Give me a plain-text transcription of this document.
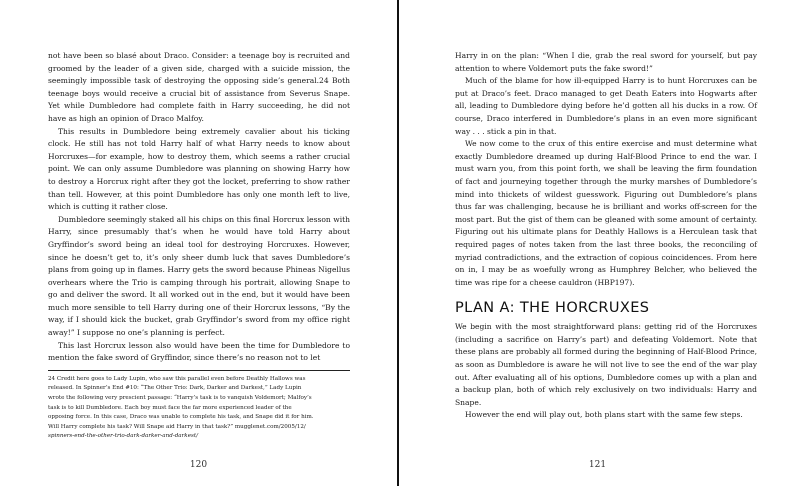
not have been so blasé about Draco. Consider: a teenage boy is recruited and groomed by the leader of a given side, charged with a suicide mission, the seemingly impossible task of destroying the opposing side’s general.24 Both teenage boys would receive a crucial bit of assistance from Severus Snape. Yet while Dumbledore had complete faith in Harry succeeding, he did not have as high an opinion of Draco Malfoy.

This results in Dumbledore being extremely cavalier about his ticking clock. He still has not told Harry half of what Harry needs to know about Horcruxes—for example, how to destroy them, which seems a rather crucial point. We can only assume Dumbledore was planning on showing Harry how to destroy a Horcrux right after they got the locket, preferring to show rather than tell. However, at this point Dumbledore has only one month left to live, which is cutting it rather close.

Dumbledore seemingly staked all his chips on this final Horcrux lesson with Harry, since presumably that’s when he would have told Harry about Gryffindor’s sword being an ideal tool for destroying Horcruxes. However, since he doesn’t get to, it’s only sheer dumb luck that saves Dumbledore’s plans from going up in flames. Harry gets the sword because Phineas Nigellus overhears where the Trio is camping through his portrait, allowing Snape to go and deliver the sword. It all worked out in the end, but it would have been much more sensible to tell Harry during one of their Horcrux lessons, “By the way, if I should kick the bucket, grab Gryffindor’s sword from my office right away!” I suppose no one’s planning is perfect.

This last Horcrux lesson also would have been the time for Dumbledore to mention the fake sword of Gryffindor, since there’s no reason not to let

24 Credit here goes to Lady Lupin, who saw this parallel even before Deathly Hallows was

released. In Spinner’s End #10: “The Other Trio: Dark, Darker and Darkest,” Lady Lupin

wrote the following very prescient passage: “Harry’s task is to vanquish Voldemort; Malfoy’s

task is to kill Dumbledore. Each boy must face the far more experienced leader of the

opposing force. In this case, Draco was unable to complete his task, and Snape did it for him.

Will Harry complete his task? Will Snape aid Harry in that task?” mugglenet.com/2005/12/

spinners-end-the-other-trio-dark-darker-and-darkest/

120

Harry in on the plan: “When I die, grab the real sword for yourself, but pay attention to where Voldemort puts the fake sword!”

Much of the blame for how ill-equipped Harry is to hunt Horcruxes can be put at Draco’s feet. Draco managed to get Death Eaters into Hogwarts after all, leading to Dumbledore dying before he’d gotten all his ducks in a row. Of course, Draco interfered in Dumbledore’s plans in an even more significant way . . . stick a pin in that.

We now come to the crux of this entire exercise and must determine what exactly Dumbledore dreamed up during Half-Blood Prince to end the war. I must warn you, from this point forth, we shall be leaving the firm foundation of fact and journeying together through the murky marshes of Dumbledore’s mind into thickets of wildest guesswork. Figuring out Dumbledore’s plans thus far was challenging, because he is brilliant and works off-screen for the most part. But the gist of them can be gleaned with some amount of certainty. Figuring out his ultimate plans for Deathly Hallows is a Herculean task that required pages of notes taken from the last three books, the reconciling of myriad contradictions, and the extraction of copious coincidences. From here on in, I may be as woefully wrong as Humphrey Belcher, who believed the time was ripe for a cheese cauldron (HBP197).

PLAN A: THE HORCRUXES

We begin with the most straightforward plans: getting rid of the Horcruxes (including a sacrifice on Harry’s part) and defeating Voldemort. Note that these plans are probably all formed during the beginning of Half-Blood Prince, as soon as Dumbledore is aware he will not live to see the end of the war play out. After evaluating all of his options, Dumbledore comes up with a plan and a backup plan, both of which rely exclusively on two individuals: Harry and Snape.

However the end will play out, both plans start with the same few steps.

121
